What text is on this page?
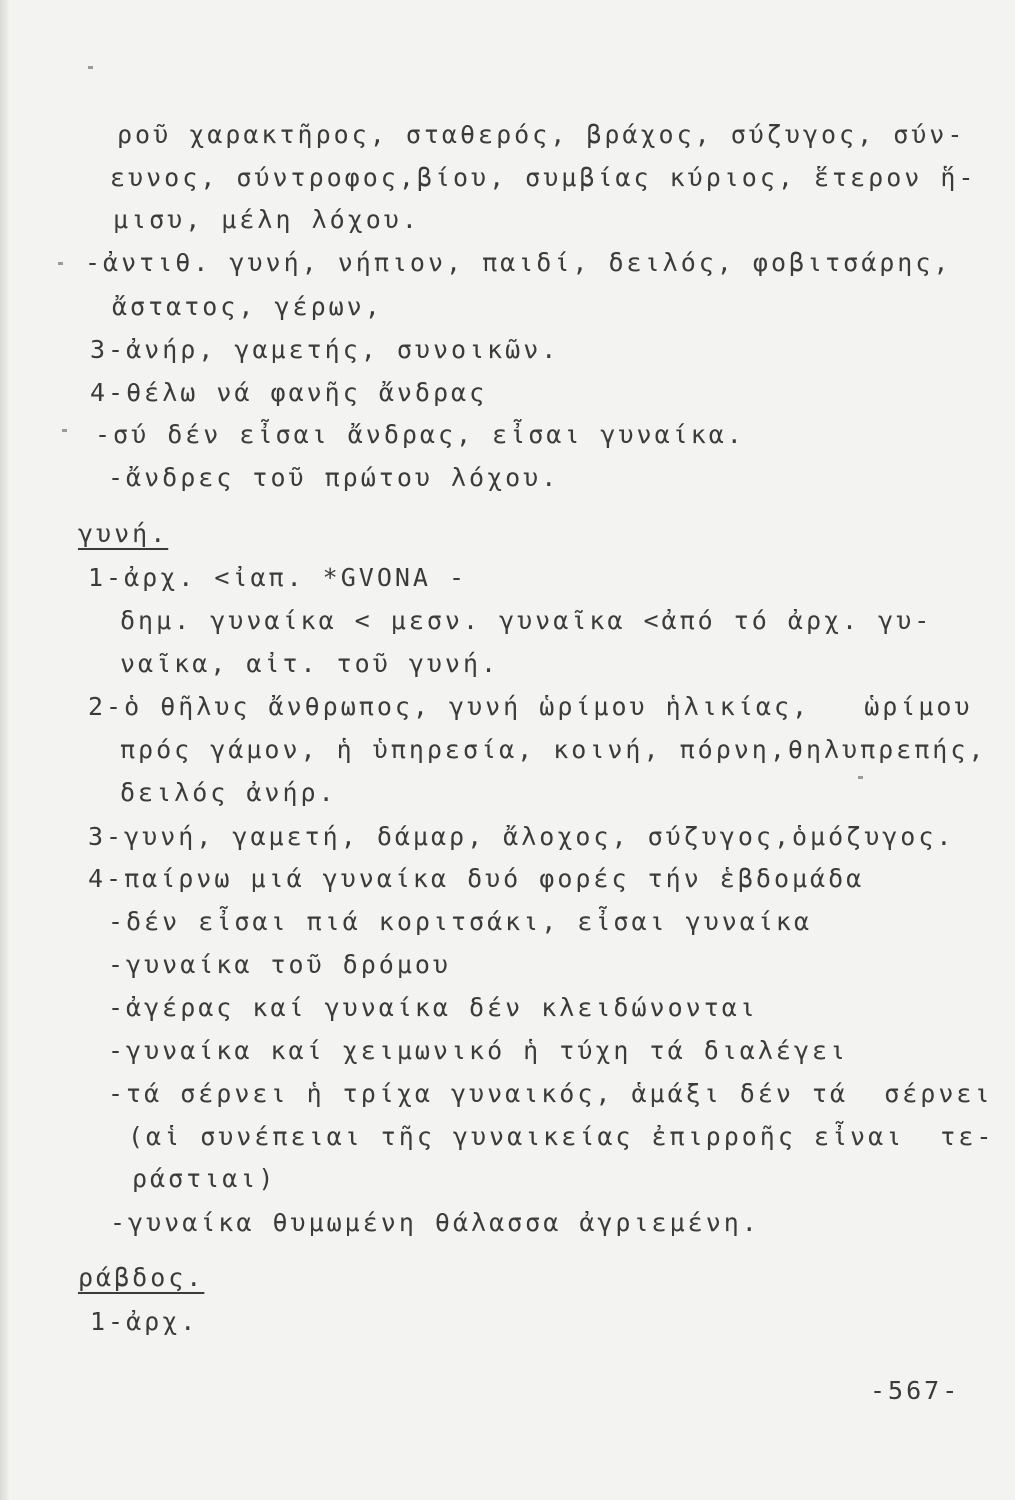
ροῦ χαρακτῆρος, σταθερός, βράχος, σύζυγος, σύν-
ευνος, σύντροφος,βίου, συμβίας κύριος, ἕτερον ἥ-
μισυ, μέλη λόχου.
-ἀντιθ. γυνή, νήπιον, παιδί, δειλός, φοβιτσάρης,
ἄστατος, γέρων,
3-ἀνήρ, γαμετής, συνοικῶν.
4-θέλω νά φανῆς ἄνδρας
-σύ δέν εἶσαι ἄνδρας, εἶσαι γυναίκα.
-ἄνδρες τοῦ πρώτου λόχου.
γυνή.
1-ἀρχ. <ἰαπ. *GVONA -
δημ. γυναίκα < μεσν. γυναῖκα <ἀπό τό ἀρχ. γυ-
ναῖκα, αἰτ. τοῦ γυνή.
2-ὁ θῆλυς ἄνθρωπος, γυνή ὡρίμου ἡλικίας,   ὡρίμου
πρός γάμον, ἡ ὑπηρεσία, κοινή, πόρνη,θηλυπρεπής,
δειλός ἀνήρ.
3-γυνή, γαμετή, δάμαρ, ἄλοχος, σύζυγος,ὁμόζυγος.
4-παίρνω μιά γυναίκα δυό φορές τήν ἑβδομάδα
-δέν εἶσαι πιά κοριτσάκι, εἶσαι γυναίκα
-γυναίκα τοῦ δρόμου
-ἀγέρας καί γυναίκα δέν κλειδώνονται
-γυναίκα καί χειμωνικό ἡ τύχη τά διαλέγει
-τά σέρνει ἡ τρίχα γυναικός, ἁμάξι δέν τά  σέρνει
(αἱ συνέπειαι τῆς γυναικείας ἐπιρροῆς εἶναι  τε-
ράστιαι)
-γυναίκα θυμωμένη θάλασσα ἀγριεμένη.
ράβδος.
1-ἀρχ.
-567-
